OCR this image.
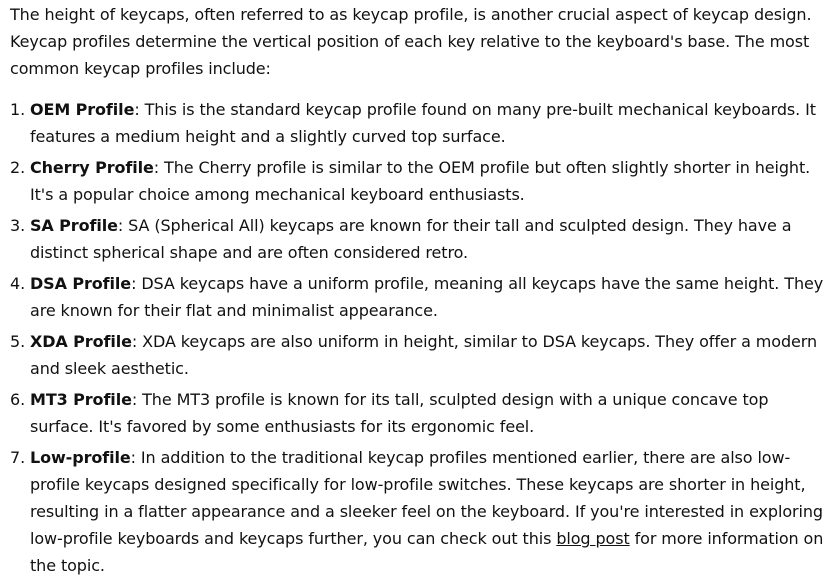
The height of keycaps, often referred to as keycap profile, is another crucial aspect of keycap design. Keycap profiles determine the vertical position of each key relative to the keyboard's base. The most common keycap profiles include:

1. OEM Profile: This is the standard keycap profile found on many pre-built mechanical keyboards. It features a medium height and a slightly curved top surface.
2. Cherry Profile: The Cherry profile is similar to the OEM profile but often slightly shorter in height. It's a popular choice among mechanical keyboard enthusiasts.
3. SA Profile: SA (Spherical All) keycaps are known for their tall and sculpted design. They have a distinct spherical shape and are often considered retro.
4. DSA Profile: DSA keycaps have a uniform profile, meaning all keycaps have the same height. They are known for their flat and minimalist appearance.
5. XDA Profile: XDA keycaps are also uniform in height, similar to DSA keycaps. They offer a modern and sleek aesthetic.
6. MT3 Profile: The MT3 profile is known for its tall, sculpted design with a unique concave top surface. It's favored by some enthusiasts for its ergonomic feel.
7. Low-profile: In addition to the traditional keycap profiles mentioned earlier, there are also low-profile keycaps designed specifically for low-profile switches. These keycaps are shorter in height, resulting in a flatter appearance and a sleeker feel on the keyboard. If you're interested in exploring low-profile keyboards and keycaps further, you can check out this blog post for more information on the topic.
